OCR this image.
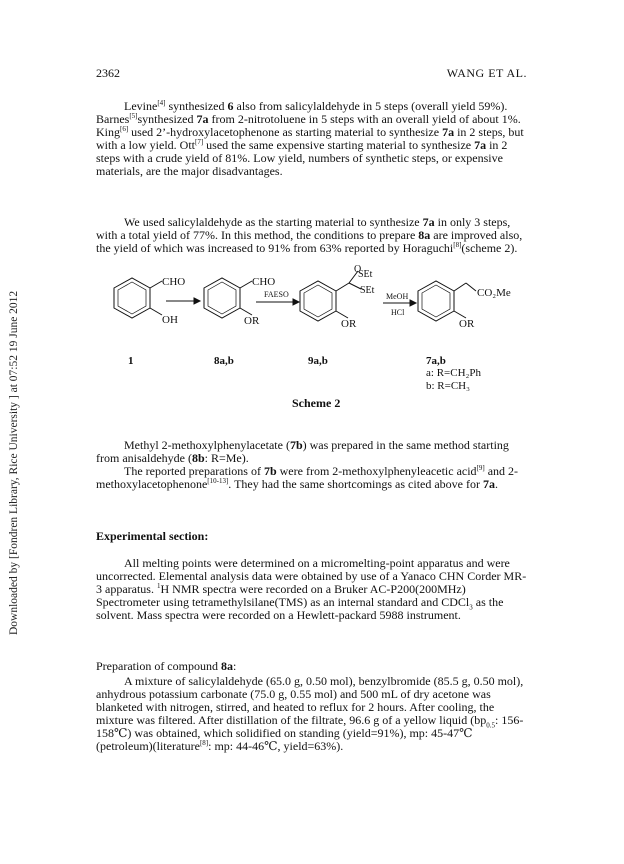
2362	WANG ET AL.
Downloaded by [Fondren Library, Rice University ] at 07:52 19 June 2012
Levine[4] synthesized 6 also from salicylaldehyde in 5 steps (overall yield 59%). Barnes[5]synthesized 7a from 2-nitrotoluene in 5 steps with an overall yield of about 1%. King[6] used 2’-hydroxylacetophenone as starting material to synthesize 7a in 2 steps, but with a low yield. Ott[7] used the same expensive starting material to synthesize 7a in 2 steps with a crude yield of 81%. Low yield, numbers of synthetic steps, or expensive materials, are the major disadvantages.
We used salicylaldehyde as the starting material to synthesize 7a in only 3 steps, with a total yield of 77%. In this method, the conditions to prepare 8a are improved also, the yield of which was increased to 91% from 63% reported by Horaguchi[8](scheme 2).
CHO
OH
CHO
OR
FAESO
O
SEt
SEt
OR
MeOH
HCl
CO₂Me
OR
1	8a,b	9a,b	7a,b
a: R=CH₂Ph
b: R=CH₃
Scheme 2
Methyl 2-methoxylphenylacetate (7b) was prepared in the same method starting from anisaldehyde (8b: R=Me).
The reported preparations of 7b were from 2-methoxylphenyleacetic acid[9] and 2-methoxylacetophenone[10-13]. They had the same shortcomings as cited above for 7a.
Experimental section:
All melting points were determined on a micromelting-point apparatus and were uncorrected. Elemental analysis data were obtained by use of a Yanaco CHN Corder MR-3 apparatus. $^1$H NMR spectra were recorded on a Bruker AC-P200(200MHz) Spectrometer using tetramethylsilane(TMS) as an internal standard and CDCl$_3$ as the solvent. Mass spectra were recorded on a Hewlett-packard 5988 instrument.
Preparation of compound 8a:
A mixture of salicylaldehyde (65.0 g, 0.50 mol), benzylbromide (85.5 g, 0.50 mol), anhydrous potassium carbonate (75.0 g, 0.55 mol) and 500 mL of dry acetone was blanketed with nitrogen, stirred, and heated to reflux for 2 hours. After cooling, the mixture was filtered. After distillation of the filtrate, 96.6 g of a yellow liquid ($bp_{0.5}$: 156-158℃) was obtained, which solidified on standing (yield=91%), mp: 45-47℃ (petroleum)(literature[8]: mp: 44-46℃, yield=63%).
